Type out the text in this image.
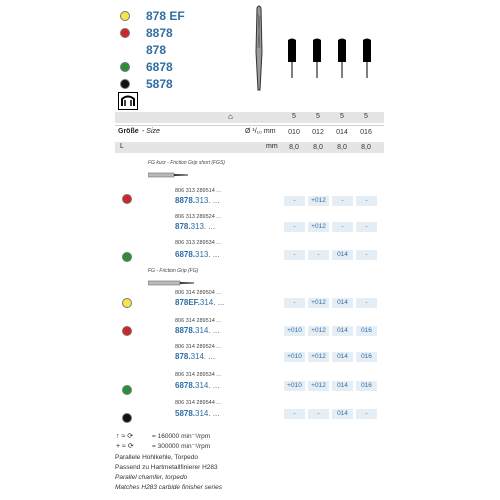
878 EF
8878
878
6878
5878
⌂	5	5	5	5
Größe - Size	Ø ¹/₁₀ mm	010	012	014	016
L	mm	8,0	8,0	8,0	8,0
FG kurz - Friction Grip short (FGS)
FG - Friction Grip (FG)
806 313 289514 ...
8878.313. ...	-	+012	-	-
806 313 289524 ...
878.313. ...	-	+012	-	-
806 313 289534 ...
6878.313. ...	-	-	014	-
806 314 289504 ...
878EF.314. ...	-	+012	014	-
806 314 289514 ...
8878.314. ...	+010	+012	014	016
806 314 289524 ...
878.314. ...	+010	+012	014	016
806 314 289534 ...
6878.314. ...	+010	+012	014	016
806 314 289544 ...
5878.314. ...	-	-	014	-
↑ ≈ ⟳	= 160000 min⁻¹/rpm
+ ≈ ⟳	= 300000 min⁻¹/rpm
Parallele Hohlkehle, Torpedo
Passend zu Hartmetallfinierer H283
Parallel chamfer, torpedo
Matches H283 carbide finisher series
